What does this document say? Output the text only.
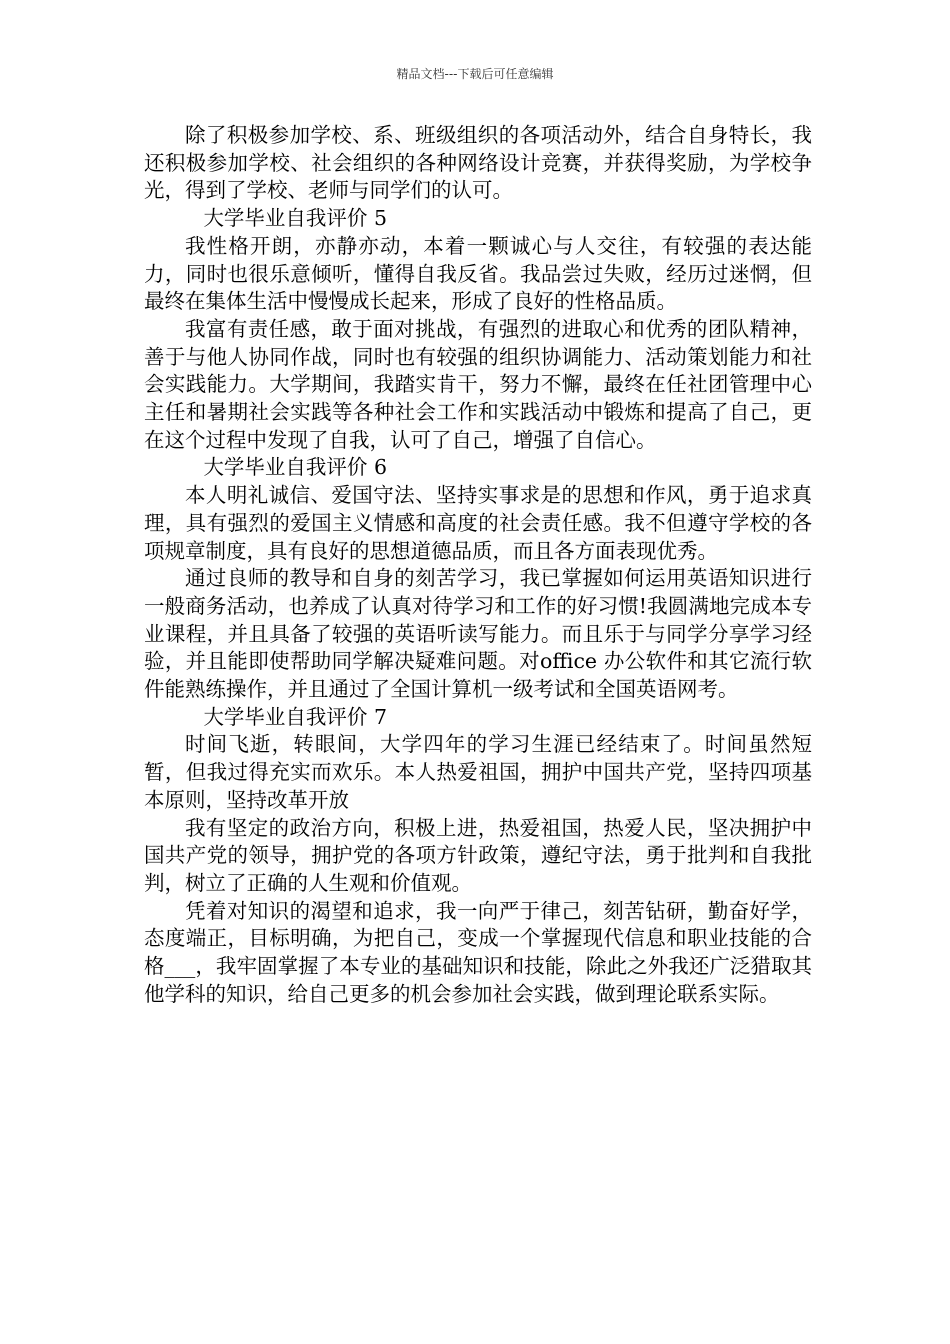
精品文档---下载后可任意编辑

除了积极参加学校、系、班级组织的各项活动外，结合自身特长，我还积极参加学校、社会组织的各种网络设计竞赛，并获得奖励，为学校争光，得到了学校、老师与同学们的认可。

大学毕业自我评价 5

我性格开朗，亦静亦动，本着一颗诚心与人交往，有较强的表达能力，同时也很乐意倾听，懂得自我反省。我品尝过失败，经历过迷惘，但最终在集体生活中慢慢成长起来，形成了良好的性格品质。

我富有责任感，敢于面对挑战，有强烈的进取心和优秀的团队精神，善于与他人协同作战，同时也有较强的组织协调能力、活动策划能力和社会实践能力。大学期间，我踏实肯干，努力不懈，最终在任社团管理中心主任和暑期社会实践等各种社会工作和实践活动中锻炼和提高了自己，更在这个过程中发现了自我，认可了自己，增强了自信心。

大学毕业自我评价 6

本人明礼诚信、爱国守法、坚持实事求是的思想和作风，勇于追求真理，具有强烈的爱国主义情感和高度的社会责任感。我不但遵守学校的各项规章制度，具有良好的思想道德品质，而且各方面表现优秀。

通过良师的教导和自身的刻苦学习，我已掌握如何运用英语知识进行一般商务活动，也养成了认真对待学习和工作的好习惯!我圆满地完成本专业课程，并且具备了较强的英语听读写能力。而且乐于与同学分享学习经验，并且能即使帮助同学解决疑难问题。对office 办公软件和其它流行软件能熟练操作，并且通过了全国计算机一级考试和全国英语网考。

大学毕业自我评价 7

时间飞逝，转眼间，大学四年的学习生涯已经结束了。时间虽然短暂，但我过得充实而欢乐。本人热爱祖国，拥护中国共产党，坚持四项基本原则，坚持改革开放

我有坚定的政治方向，积极上进，热爱祖国，热爱人民，坚决拥护中国共产党的领导，拥护党的各项方针政策，遵纪守法，勇于批判和自我批判，树立了正确的人生观和价值观。

凭着对知识的渴望和追求，我一向严于律己，刻苦钻研，勤奋好学，态度端正，目标明确，为把自己，变成一个掌握现代信息和职业技能的合格___，我牢固掌握了本专业的基础知识和技能，除此之外我还广泛猎取其他学科的知识，给自己更多的机会参加社会实践，做到理论联系实际。
